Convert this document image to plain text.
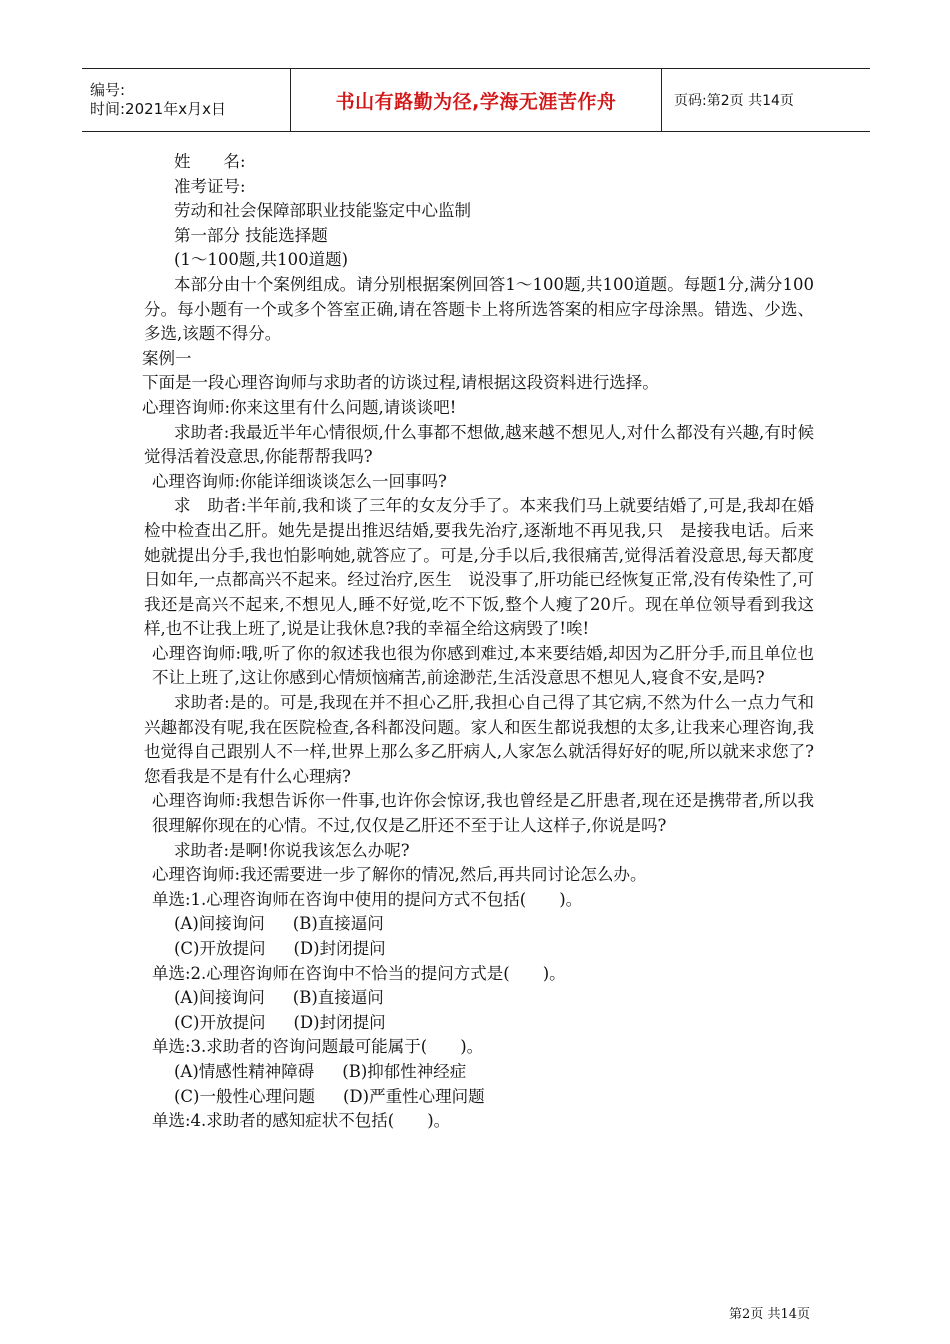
编号:
时间:2021年x月x日	书山有路勤为径,学海无涯苦作舟	页码:第2页 共14页

姓　　名:

准考证号:

劳动和社会保障部职业技能鉴定中心监制

第一部分 技能选择题

(1～100题,共100道题)

本部分由十个案例组成。请分别根据案例回答1～100题,共100道题。每题1分,满分100分。每小题有一个或多个答室正确,请在答题卡上将所选答案的相应字母涂黑。错选、少选、多选,该题不得分。

案例一

下面是一段心理咨询师与求助者的访谈过程,请根据这段资料进行选择。

心理咨询师:你来这里有什么问题,请谈谈吧!

求助者:我最近半年心情很烦,什么事都不想做,越来越不想见人,对什么都没有兴趣,有时候觉得活着没意思,你能帮帮我吗?

心理咨询师:你能详细谈谈怎么一回事吗?

求　助者:半年前,我和谈了三年的女友分手了。本来我们马上就要结婚了,可是,我却在婚检中检查出乙肝。她先是提出推迟结婚,要我先治疗,逐渐地不再见我,只　是接我电话。后来她就提出分手,我也怕影响她,就答应了。可是,分手以后,我很痛苦,觉得活着没意思,每天都度日如年,一点都高兴不起来。经过治疗,医生　说没事了,肝功能已经恢复正常,没有传染性了,可我还是高兴不起来,不想见人,睡不好觉,吃不下饭,整个人瘦了20斤。现在单位领导看到我这样,也不让我上班了,说是让我休息?我的幸福全给这病毁了!唉!

心理咨询师:哦,听了你的叙述我也很为你感到难过,本来要结婚,却因为乙肝分手,而且单位也不让上班了,这让你感到心情烦恼痛苦,前途渺茫,生活没意思不想见人,寝食不安,是吗?

求助者:是的。可是,我现在并不担心乙肝,我担心自己得了其它病,不然为什么一点力气和兴趣都没有呢,我在医院检查,各科都没问题。家人和医生都说我想的太多,让我来心理咨询,我也觉得自己跟别人不一样,世界上那么多乙肝病人,人家怎么就活得好好的呢,所以就来求您了?您看我是不是有什么心理病?

心理咨询师:我想告诉你一件事,也许你会惊讶,我也曾经是乙肝患者,现在还是携带者,所以我很理解你现在的心情。不过,仅仅是乙肝还不至于让人这样子,你说是吗?

求助者:是啊!你说我该怎么办呢?

心理咨询师:我还需要进一步了解你的情况,然后,再共同讨论怎么办。

单选:1.心理咨询师在咨询中使用的提问方式不包括(　　)。

(A)间接询问 (B)直接逼问

(C)开放提问 (D)封闭提问

单选:2.心理咨询师在咨询中不恰当的提问方式是(　　)。

(A)间接询问 (B)直接逼问

(C)开放提问 (D)封闭提问

单选:3.求助者的咨询问题最可能属于(　　)。

(A)情感性精神障碍 (B)抑郁性神经症

(C)一般性心理问题 (D)严重性心理问题

单选:4.求助者的感知症状不包括(　　)。

第2页 共14页
